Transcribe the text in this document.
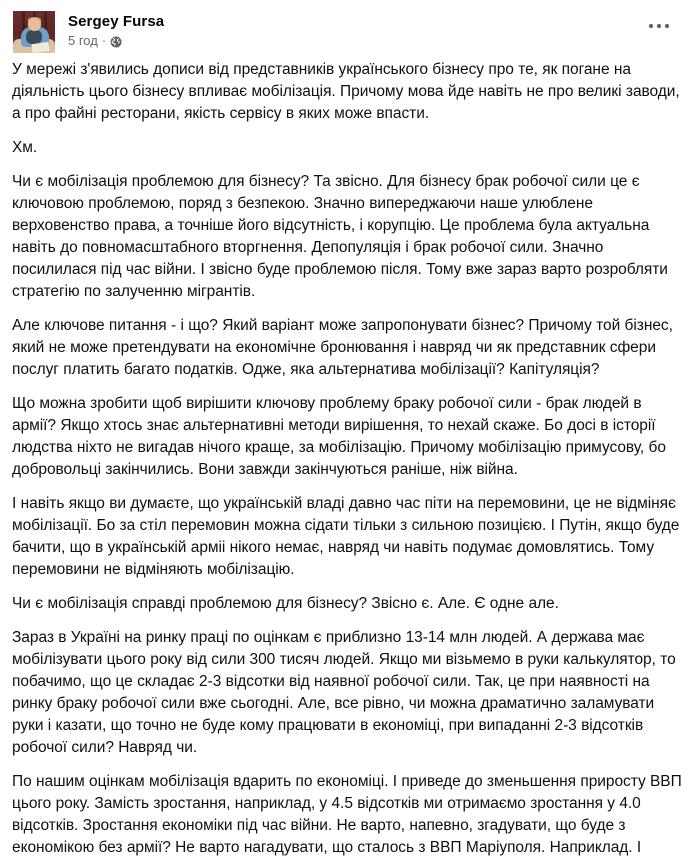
Sergey Fursa
5 год ·

У мережі з'явились дописи від представників українського бізнесу про те, як погане на діяльність цього бізнесу впливає мобілізація. Причому мова йде навіть не про великі заводи, а про файні ресторани, якість сервісу в яких може впасти.

Хм.

Чи є мобілізація проблемою для бізнесу? Та звісно. Для бізнесу брак робочої сили це є ключовою проблемою, поряд з безпекою. Значно випереджаючи наше улюблене верховенство права, а точніше його відсутність, і корупцію. Це проблема була актуальна навіть до повномасштабного вторгнення. Депопуляція і брак робочої сили. Значно посилилася під час війни. І звісно буде проблемою після. Тому вже зараз варто розробляти стратегію по залученню мігрантів.

Але ключове питання - і що? Який варіант може запропонувати бізнес? Причому той бізнес, який не може претендувати на економічне бронювання і навряд чи як представник сфери послуг платить багато податків. Одже, яка альтернатива мобілізації? Капітуляція?

Що можна зробити щоб вирішити ключову проблему браку робочої сили - брак людей в армії? Якщо хтось знає альтернативні методи вирішення, то нехай скаже. Бо досі в історії людства ніхто не вигадав нічого краще, за мобілізацію. Причому мобілізацію примусову, бо добровольці закінчились. Вони завжди закінчуються раніше, ніж війна.

І навіть якщо ви думаєте, що українській владі давно час піти на перемовини, це не відміняє мобілізації. Бо за стіл перемовин можна сідати тільки з сильною позицією. І Путін, якщо буде бачити, що в українській арміі нікого немає, навряд чи навіть подумає домовлятись. Тому перемовини не відміняють мобілізацію.

Чи є мобілізація справді проблемою для бізнесу? Звісно є. Але. Є одне але.

Зараз в Україні на ринку праці по оцінкам є приблизно 13-14 млн людей. А держава має мобілізувати цього року від сили 300 тисяч людей. Якщо ми візьмемо в руки калькулятор, то побачимо, що це складає 2-3 відсотки від наявної робочої сили. Так, це при наявності на ринку браку робочої сили вже сьогодні. Але, все рівно, чи можна драматично заламувати руки і казати, що точно не буде кому працювати в економіці, при випаданні 2-3 відсотків робочої сили? Навряд чи.

По нашим оцінкам мобілізація вдарить по економіці. І приведе до зменьшення приросту ВВП цього року. Замість зростання, наприклад, у 4.5 відсотків ми отримаємо зростання у 4.0 відсотків. Зростання економіки під час війни. Не варто, напевно, згадувати, що буде з економікою без арміï? Не варто нагадувати, що сталось з ВВП Маріуполя. Наприклад. І
